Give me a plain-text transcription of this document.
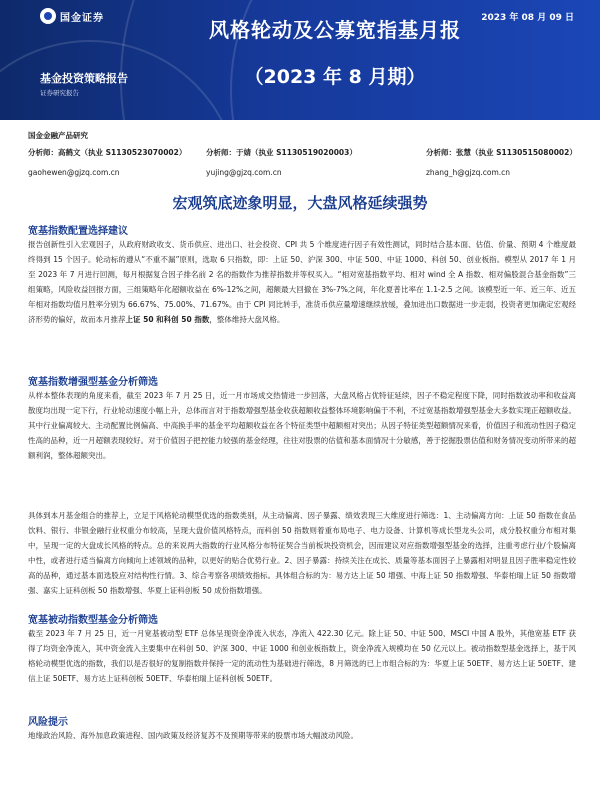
国金证券	风格轮动及公募宽指基月报
（2023 年 8 月期）
2023 年 08 月 09 日
基金投资策略报告
证券研究报告
国金金融产品研究
分析师：高鹤文（执业 S1130523070002）	分析师：于婧（执业 S1130519020003）	分析师：张慧（执业 S1130515080002）
gaohewen@gjzq.com.cn	yujing@gjzq.com.cn	zhang_h@gjzq.com.cn
宏观筑底迹象明显，大盘风格延续强势
宽基指数配置选择建议
报告创新性引入宏观因子，从政府财政收支、货币供应、进出口、社会投资、CPI 共 5 个维度进行因子有效性测试，同时结合基本面、估值、价量、预期 4 个维度最终得到 15 个因子。轮动标的遵从“不重不漏”原则，选取 6 只指数，即：上证 50、沪深 300、中证 500、中证 1000、科创 50、创业板指。模型从 2017 年 1 月至 2023 年 7 月进行回测，每月根据复合因子排名前 2 名的指数作为推荐指数并等权买入。“相对宽基指数平均、相对 wind 全 A 指数、相对偏股混合基金指数”三组策略，风险收益回报方面，三组策略年化超额收益在 6%-12%之间，超额最大回撤在 3%-7%之间，年化夏普比率在 1.1-2.5 之间。该模型近一年、近三年、近五年相对指数均值月胜率分别为 66.67%、75.00%、71.67%。由于 CPI 同比转手，准货币供应量增速继续放缓，叠加进出口数据进一步走弱，投资者更加确定宏观经济形势的偏好，故而本月推荐上证 50 和科创 50 指数，整体维持大盘风格。
宽基指数增强型基金分析筛选
从样本整体表现的角度来看，截至 2023 年 7 月 25 日，近一月市场成交热情进一步回落，大盘风格占优特征延续，因子不稳定程度下降，同时指数波动率和收益离散度均出现一定下行，行业轮动速度小幅上升，总体而言对于指数增强型基金收获超额收益整体环境影响偏于不利，不过宽基指数增强型基金大多数实现正超额收益。其中行业偏离较大、主动配置比例偏高、中高换手率的基金平均超额收益在各个特征类型中超额相对突出；从因子特征类型超额情况来看，价值因子和流动性因子稳定性高的品种，近一月超额表现较好。对于价值因子把控能力较强的基金经理，往往对股票的估值和基本面情况十分敏感，善于挖掘股票估值和财务情况变动所带来的超额利润，整体超额突出。
具体到本月基金组合的推荐上，立足于风格轮动模型优选的指数类别，从主动偏离、因子暴露、绩效表现三大维度进行筛选：1、主动偏离方向：上证 50 指数在食品饮料、银行、非银金融行业权重分布较高，呈现大盘价值风格特点，而科创 50 指数则着重布局电子、电力设备、计算机等成长型龙头公司，成分股权重分布相对集中，呈现一定的大盘成长风格的特点。总的来说两大指数的行业风格分布特征契合当前板块投资机会，因而建议对应指数增强型基金的选择，注重考虑行业/个股偏离中性，或者进行适当偏离方向倾向上述领域的品种，以更好的贴合优势行业。2、因子暴露：持续关注在成长、质量等基本面因子上暴露相对明显且因子胜率稳定性较高的品种，通过基本面选股应对结构性行情。3、综合考察各项绩效指标。具体组合标的为：易方达上证 50 增强、中海上证 50 指数增强、华泰柏瑞上证 50 指数增强、嘉实上证科创板 50 指数增强、华夏上证科创板 50 成份指数增强。
宽基被动指数型基金分析筛选
截至 2023 年 7 月 25 日，近一月宽基被动型 ETF 总体呈现资金净流入状态，净流入 422.30 亿元。除上证 50、中证 500、MSCI 中国 A 股外，其他宽基 ETF 获得了均资金净流入，其中资金流入主要集中在科创 50、沪深 300、中证 1000 和创业板指数上，资金净流入规模均在 50 亿元以上。被动指数型基金选择上，基于风格轮动模型优选的指数，我们以是否很好的复制指数并保持一定的流动性为基础进行筛选，8 月筛选的已上市组合标的为：华夏上证 50ETF、易方达上证 50ETF、建信上证 50ETF、易方达上证科创板 50ETF、华泰柏瑞上证科创板 50ETF。
风险提示
地缘政治风险、海外加息政策进程、国内政策及经济复苏不及预期等带来的股票市场大幅波动风险。
